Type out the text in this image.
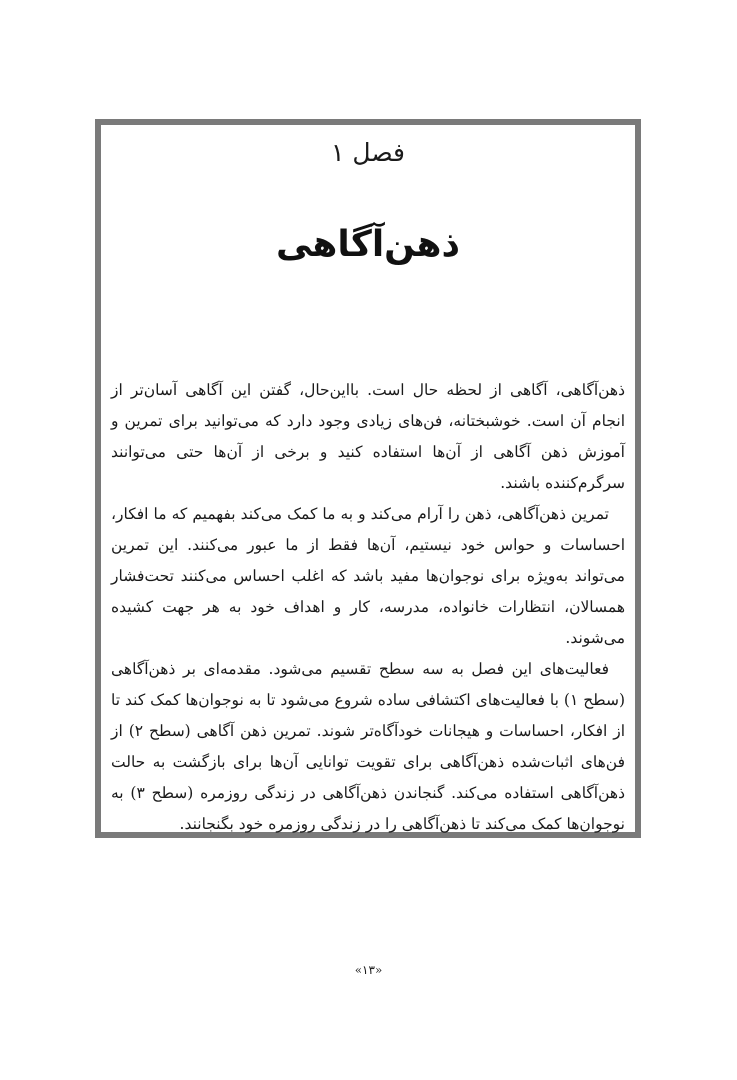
فصل ۱
ذهن‌آگاهی

ذهن‌آگاهی، آگاهی از لحظه حال است. بااین‌حال، گفتن این آگاهی آسان‌تر از انجام آن است. خوشبختانه، فن‌های زیادی وجود دارد که می‌توانید برای تمرین و آموزش ذهن آگاهی از آن‌ها استفاده کنید و برخی از آن‌ها حتی می‌توانند سرگرم‌کننده باشند.

تمرین ذهن‌آگاهی، ذهن را آرام می‌کند و به ما کمک می‌کند بفهمیم که ما افکار، احساسات و حواس خود نیستیم، آن‌ها فقط از ما عبور می‌کنند. این تمرین می‌تواند به‌ویژه برای نوجوان‌ها مفید باشد که اغلب احساس می‌کنند تحت‌فشار همسالان، انتظارات خانواده، مدرسه، کار و اهداف خود به هر جهت کشیده می‌شوند.

فعالیت‌های این فصل به سه سطح تقسیم می‌شود. مقدمه‌ای بر ذهن‌آگاهی (سطح ۱) با فعالیت‌های اکتشافی ساده شروع می‌شود تا به نوجوان‌ها کمک کند تا از افکار، احساسات و هیجانات خودآگاه‌تر شوند. تمرین ذهن آگاهی (سطح ۲) از فن‌های اثبات‌شده ذهن‌آگاهی برای تقویت توانایی آن‌ها برای بازگشت به حالت ذهن‌آگاهی استفاده می‌کند. گنجاندن ذهن‌آگاهی در زندگی روزمره (سطح ۳) به نوجوان‌ها کمک می‌کند تا ذهن‌آگاهی را در زندگی روزمره خود بگنجانند.

«۱۳»
